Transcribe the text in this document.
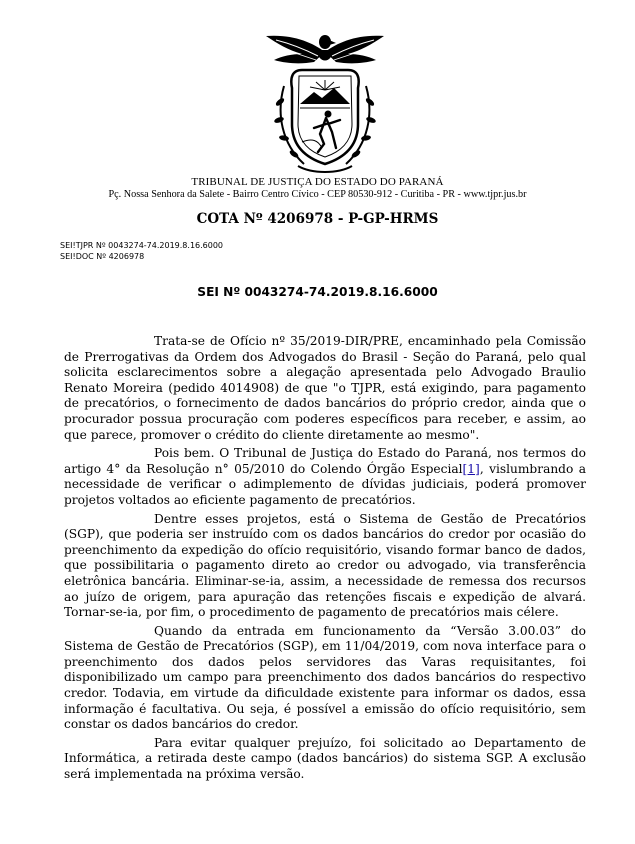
TRIBUNAL DE JUSTIÇA DO ESTADO DO PARANÁ
Pç. Nossa Senhora da Salete - Bairro Centro Cívico - CEP 80530-912 - Curitiba - PR - www.tjpr.jus.br
COTA Nº 4206978 - P-GP-HRMS
SEI!TJPR Nº 0043274-74.2019.8.16.6000
SEI!DOC Nº 4206978
SEI Nº 0043274-74.2019.8.16.6000

Trata-se de Ofício nº 35/2019-DIR/PRE, encaminhado pela Comissão de Prerrogativas da Ordem dos Advogados do Brasil - Seção do Paraná, pelo qual solicita esclarecimentos sobre a alegação apresentada pelo Advogado Braulio Renato Moreira (pedido 4014908) de que "o TJPR, está exigindo, para pagamento de precatórios, o fornecimento de dados bancários do próprio credor, ainda que o procurador possua procuração com poderes específicos para receber, e assim, ao que parece, promover o crédito do cliente diretamente ao mesmo".

Pois bem. O Tribunal de Justiça do Estado do Paraná, nos termos do artigo 4° da Resolução n° 05/2010 do Colendo Órgão Especial[1], vislumbrando a necessidade de verificar o adimplemento de dívidas judiciais, poderá promover projetos voltados ao eficiente pagamento de precatórios.

Dentre esses projetos, está o Sistema de Gestão de Precatórios (SGP), que poderia ser instruído com os dados bancários do credor por ocasião do preenchimento da expedição do ofício requisitório, visando formar banco de dados, que possibilitaria o pagamento direto ao credor ou advogado, via transferência eletrônica bancária. Eliminar-se-ia, assim, a necessidade de remessa dos recursos ao juízo de origem, para apuração das retenções fiscais e expedição de alvará. Tornar-se-ia, por fim, o procedimento de pagamento de precatórios mais célere.

Quando da entrada em funcionamento da “Versão 3.00.03” do Sistema de Gestão de Precatórios (SGP), em 11/04/2019, com nova interface para o preenchimento dos dados pelos servidores das Varas requisitantes, foi disponibilizado um campo para preenchimento dos dados bancários do respectivo credor. Todavia, em virtude da dificuldade existente para informar os dados, essa informação é facultativa. Ou seja, é possível a emissão do ofício requisitório, sem constar os dados bancários do credor.

Para evitar qualquer prejuízo, foi solicitado ao Departamento de Informática, a retirada deste campo (dados bancários) do sistema SGP. A exclusão será implementada na próxima versão.
